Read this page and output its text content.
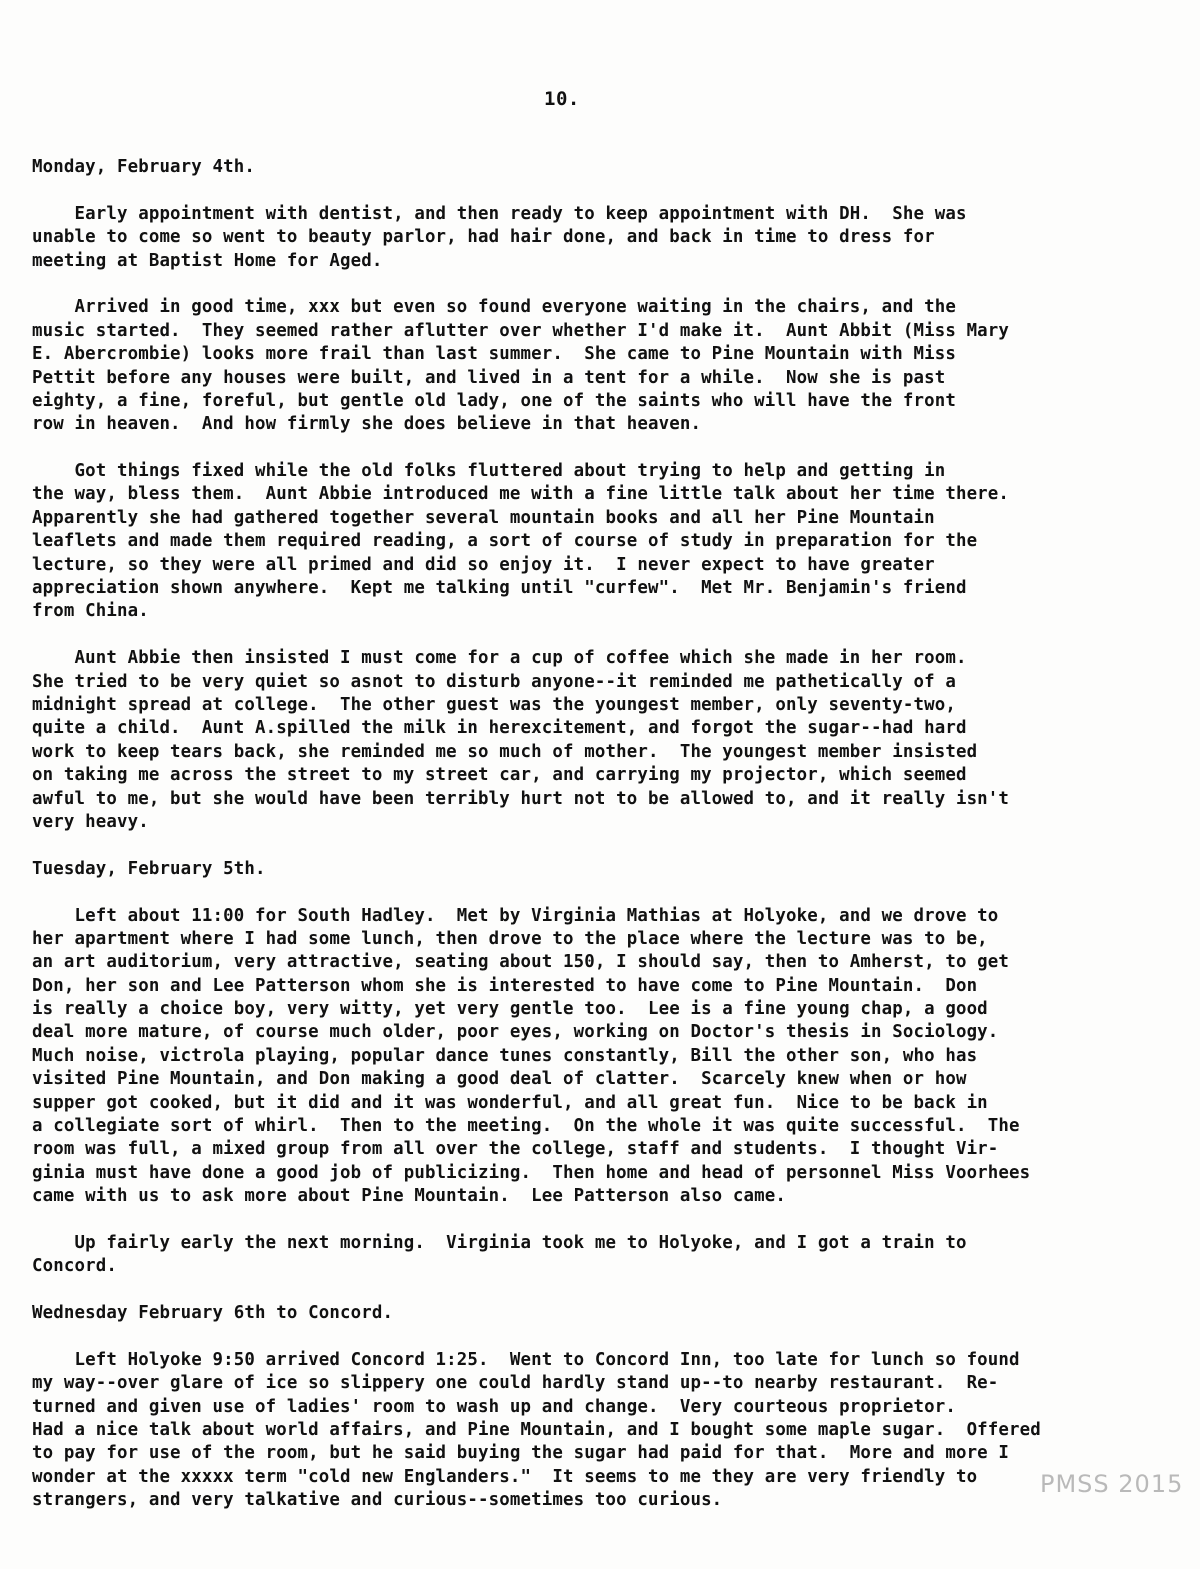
10.
Monday, February 4th.
Early appointment with dentist, and then ready to keep appointment with DH.  She was
unable to come so went to beauty parlor, had hair done, and back in time to dress for
meeting at Baptist Home for Aged.
Arrived in good time, xxx but even so found everyone waiting in the chairs, and the
music started.  They seemed rather aflutter over whether I'd make it.  Aunt Abbit (Miss Mary
E. Abercrombie) looks more frail than last summer.  She came to Pine Mountain with Miss
Pettit before any houses were built, and lived in a tent for a while.  Now she is past
eighty, a fine, foreful, but gentle old lady, one of the saints who will have the front
row in heaven.  And how firmly she does believe in that heaven.
Got things fixed while the old folks fluttered about trying to help and getting in
the way, bless them.  Aunt Abbie introduced me with a fine little talk about her time there.
Apparently she had gathered together several mountain books and all her Pine Mountain
leaflets and made them required reading, a sort of course of study in preparation for the
lecture, so they were all primed and did so enjoy it.  I never expect to have greater
appreciation shown anywhere.  Kept me talking until "curfew".  Met Mr. Benjamin's friend
from China.
Aunt Abbie then insisted I must come for a cup of coffee which she made in her room.
She tried to be very quiet so asnot to disturb anyone--it reminded me pathetically of a
midnight spread at college.  The other guest was the youngest member, only seventy-two,
quite a child.  Aunt A.spilled the milk in herexcitement, and forgot the sugar--had hard
work to keep tears back, she reminded me so much of mother.  The youngest member insisted
on taking me across the street to my street car, and carrying my projector, which seemed
awful to me, but she would have been terribly hurt not to be allowed to, and it really isn't
very heavy.
Tuesday, February 5th.
Left about 11:00 for South Hadley.  Met by Virginia Mathias at Holyoke, and we drove to
her apartment where I had some lunch, then drove to the place where the lecture was to be,
an art auditorium, very attractive, seating about 150, I should say, then to Amherst, to get
Don, her son and Lee Patterson whom she is interested to have come to Pine Mountain.  Don
is really a choice boy, very witty, yet very gentle too.  Lee is a fine young chap, a good
deal more mature, of course much older, poor eyes, working on Doctor's thesis in Sociology.
Much noise, victrola playing, popular dance tunes constantly, Bill the other son, who has
visited Pine Mountain, and Don making a good deal of clatter.  Scarcely knew when or how
supper got cooked, but it did and it was wonderful, and all great fun.  Nice to be back in
a collegiate sort of whirl.  Then to the meeting.  On the whole it was quite successful.  The
room was full, a mixed group from all over the college, staff and students.  I thought Vir-
ginia must have done a good job of publicizing.  Then home and head of personnel Miss Voorhees
came with us to ask more about Pine Mountain.  Lee Patterson also came.
Up fairly early the next morning.  Virginia took me to Holyoke, and I got a train to
Concord.
Wednesday February 6th to Concord.
Left Holyoke 9:50 arrived Concord 1:25.  Went to Concord Inn, too late for lunch so found
my way--over glare of ice so slippery one could hardly stand up--to nearby restaurant.  Re-
turned and given use of ladies' room to wash up and change.  Very courteous proprietor.
Had a nice talk about world affairs, and Pine Mountain, and I bought some maple sugar.  Offered
to pay for use of the room, but he said buying the sugar had paid for that.  More and more I
wonder at the xxxxx term "cold new Englanders."  It seems to me they are very friendly to
strangers, and very talkative and curious--sometimes too curious.
PMSS 2015
